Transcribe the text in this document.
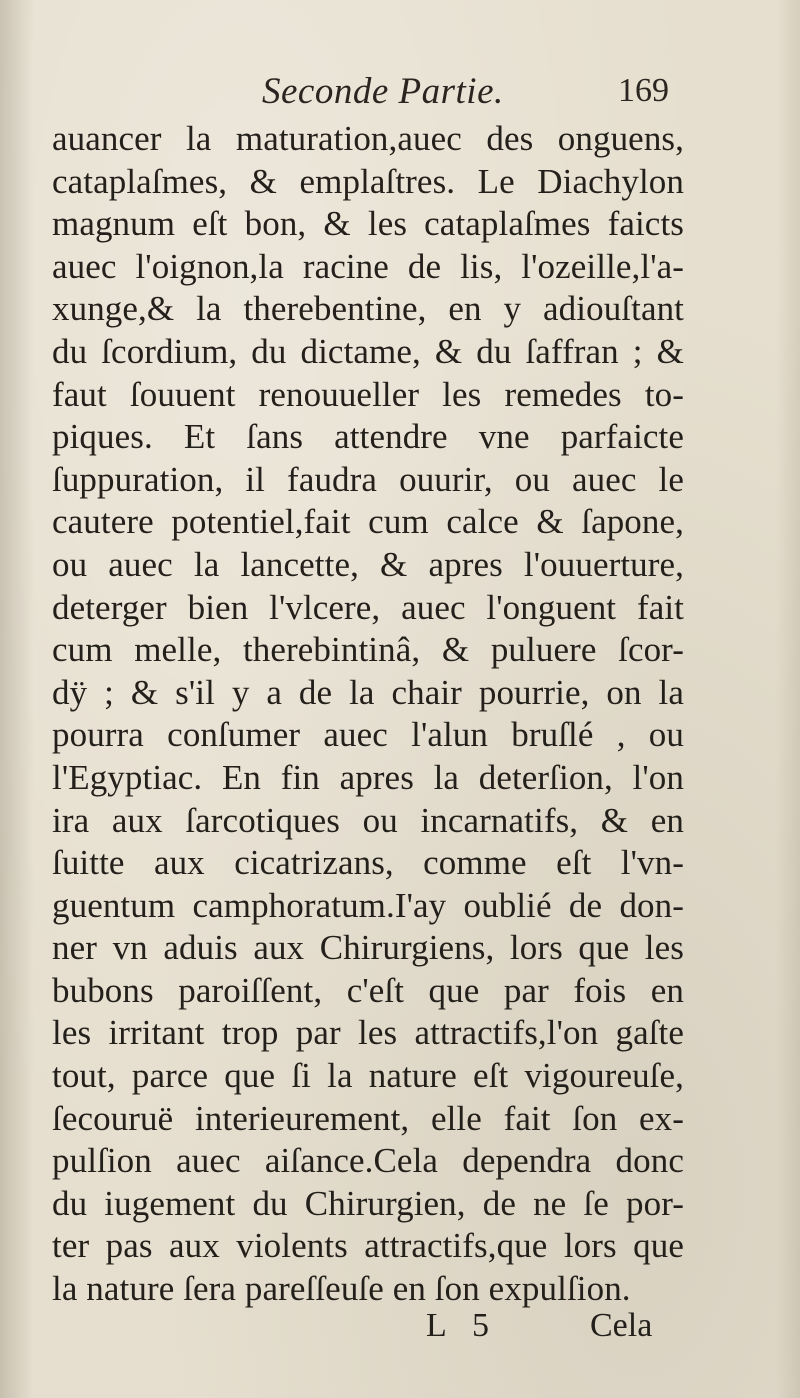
Seconde Partie.	169
auancer la maturation,auec des onguens,
cataplaſmes, & emplaſtres. Le Diachylon
magnum eſt bon, & les cataplaſmes faicts
auec l'oignon,la racine de lis, l'ozeille,l'a-
xunge,& la therebentine, en y adiouſtant
du ſcordium, du dictame, & du ſaffran ; &
faut ſouuent renouueller les remedes to-
piques. Et ſans attendre vne parfaicte
ſuppuration, il faudra ouurir, ou auec le
cautere potentiel,fait cum calce & ſapone,
ou auec la lancette, & apres l'ouuerture,
deterger bien l'vlcere, auec l'onguent fait
cum melle, therebintinâ, & puluere ſcor-
dÿ ; & s'il y a de la chair pourrie, on la
pourra conſumer auec l'alun bruſlé , ou
l'Egyptiac. En fin apres la deterſion, l'on
ira aux ſarcotiques ou incarnatifs, & en
ſuitte aux cicatrizans, comme eſt l'vn-
guentum camphoratum.I'ay oublié de don-
ner vn aduis aux Chirurgiens, lors que les
bubons paroiſſent, c'eſt que par fois en
les irritant trop par les attractifs,l'on gaſte
tout, parce que ſi la nature eſt vigoureuſe,
ſecouruë interieurement, elle fait ſon ex-
pulſion auec aiſance.Cela dependra donc
du iugement du Chirurgien, de ne ſe por-
ter pas aux violents attractifs,que lors que
la nature ſera pareſſeuſe en ſon expulſion.
L 5	Cela
